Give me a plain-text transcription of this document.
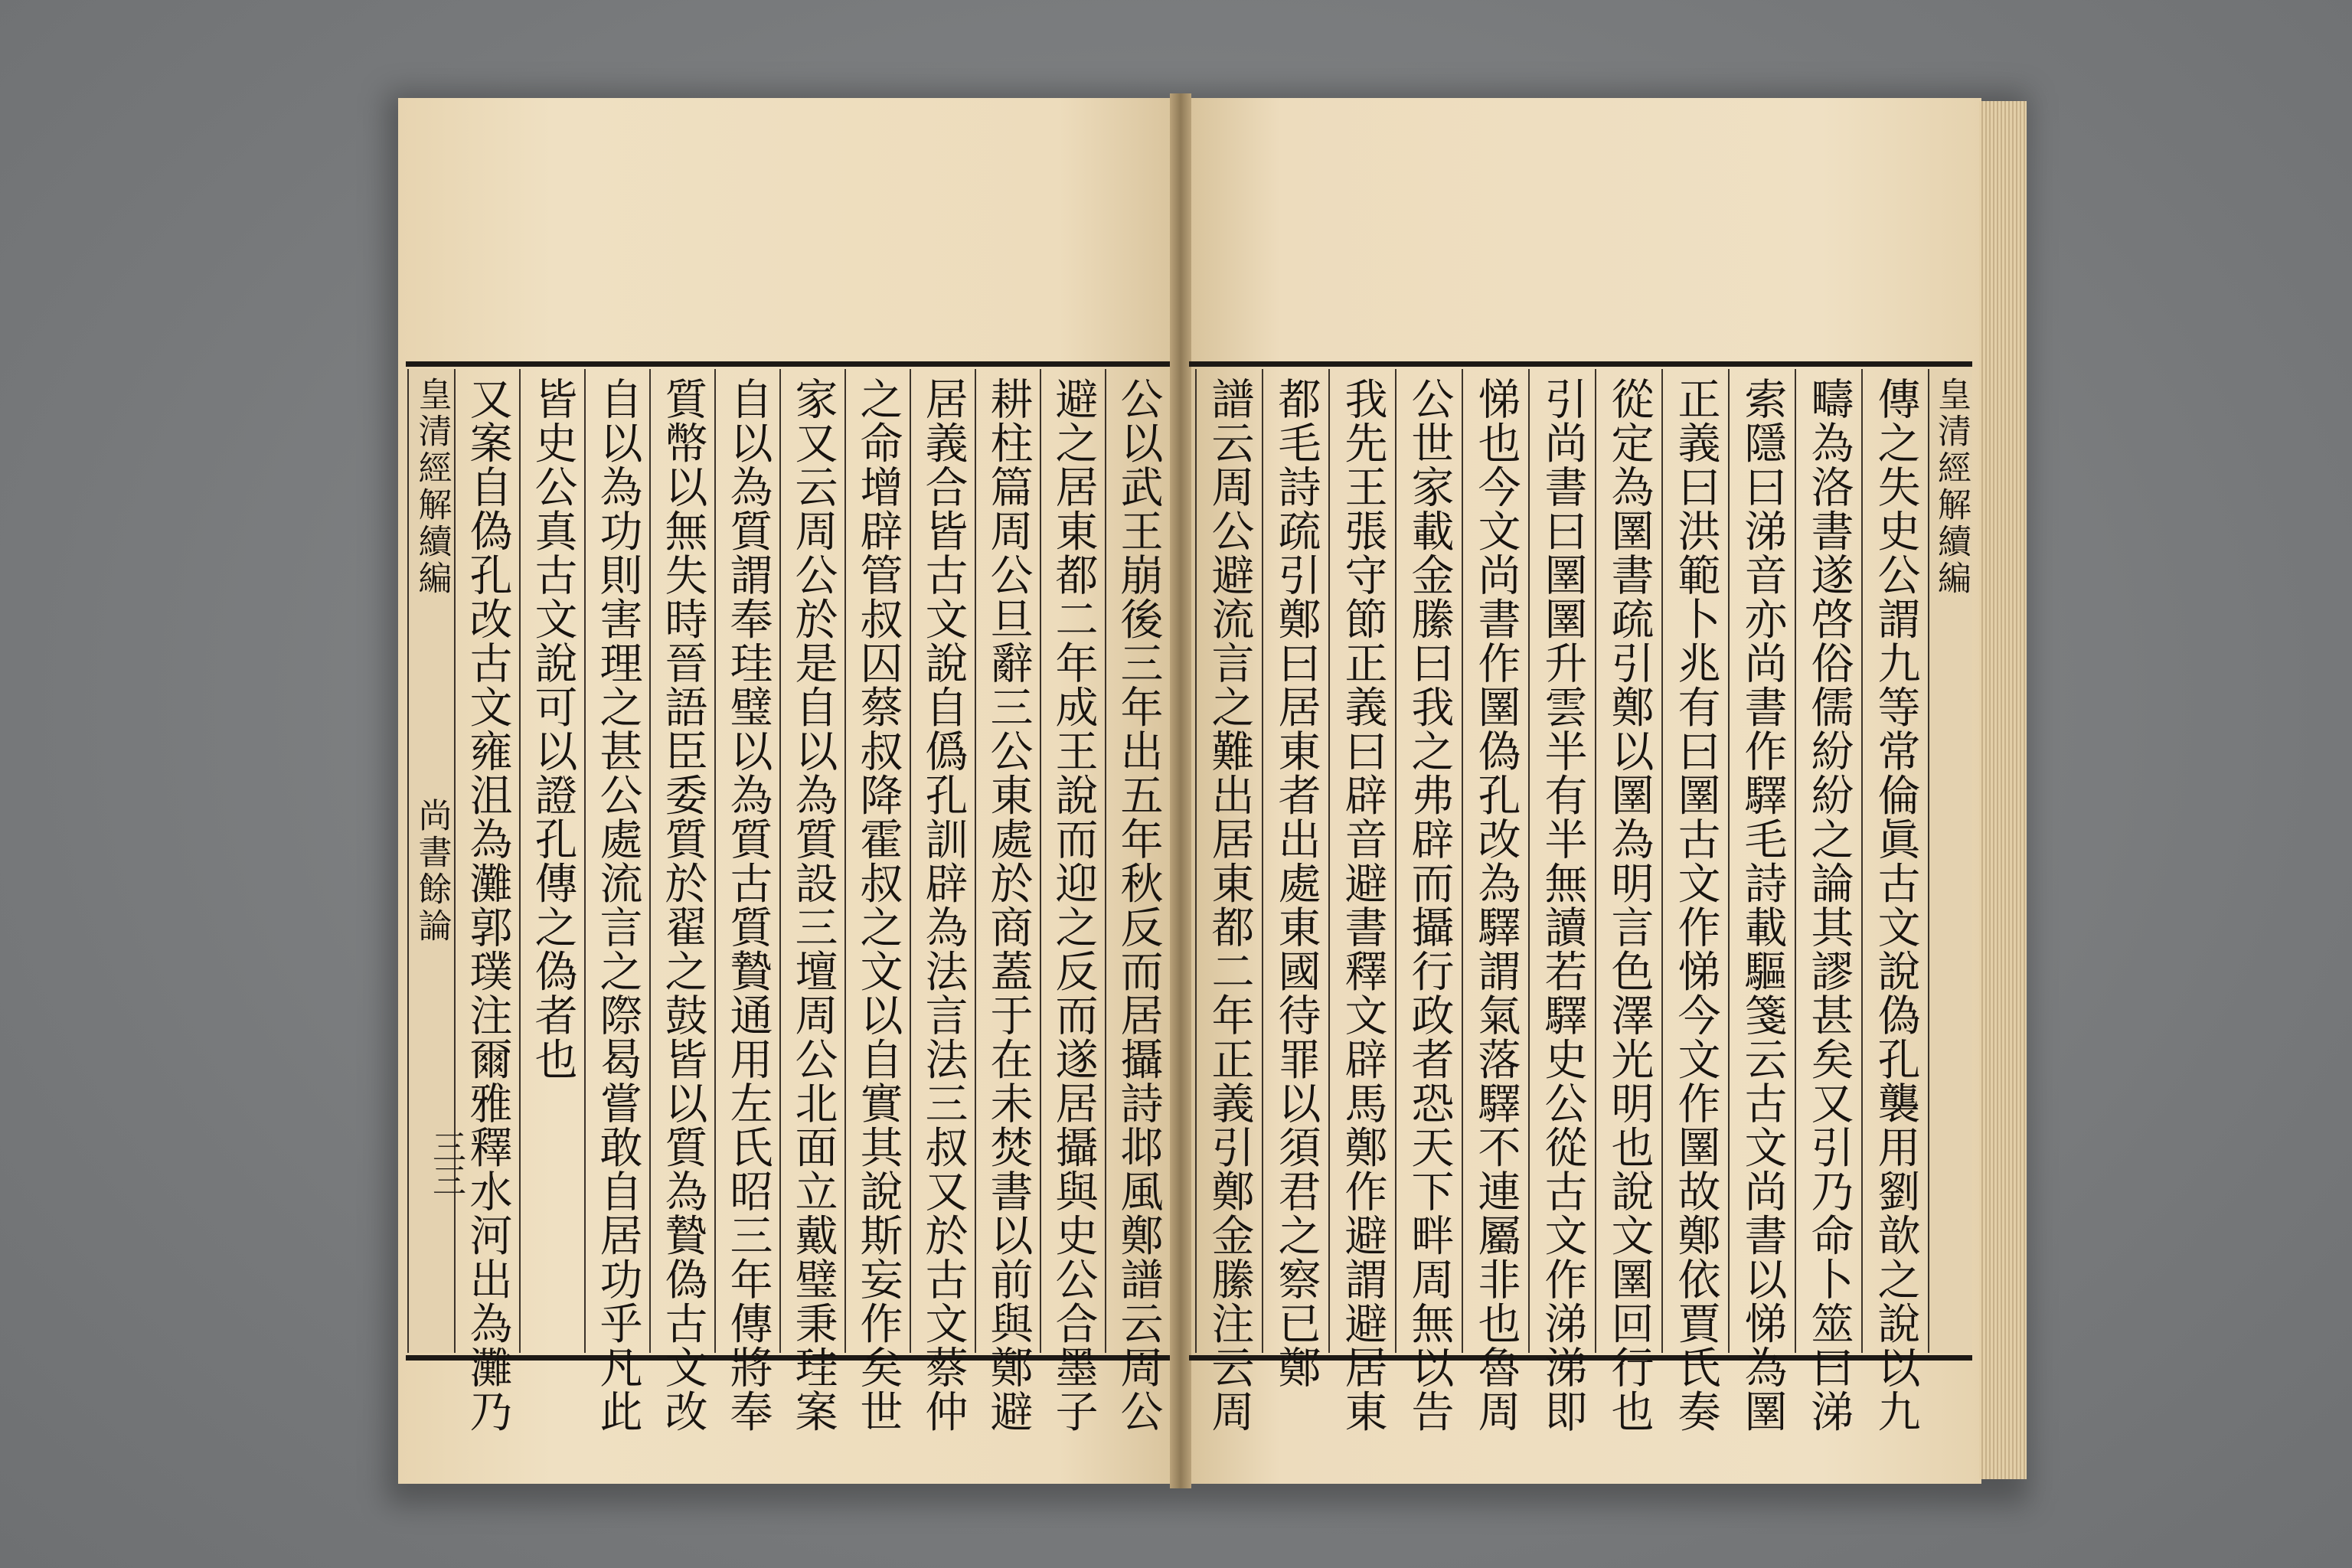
公以武王崩後三年出五年秋反而居攝詩邶風鄭譜云周公
避之居東都二年成王說而迎之反而遂居攝與史公合墨子
耕柱篇周公旦辭三公東處於商蓋于在未焚書以前與鄭避
居義合皆古文說自僞孔訓辟為法言法三叔又於古文蔡仲
之命增辟管叔囚蔡叔降霍叔之文以自實其說斯妄作矣世
家又云周公於是自以為質設三壇周公北面立戴璧秉珪案
自以為質謂奉珪璧以為質古質贄通用左氏昭三年傳將奉
質幣以無失時晉語臣委質於翟之鼓皆以質為贄偽古文改
自以為功則害理之甚公處流言之際曷嘗敢自居功乎凡此
皆史公真古文說可以證孔傳之偽者也
又案自偽孔改古文雍沮為灘郭璞注爾雅釋水河出為灘乃
皇清經解續編
尚書餘論
三三
皇清經解續編
傳之失史公謂九等常倫眞古文說偽孔襲用劉歆之說以九
疇為洛書遂啓俗儒紛紛之論其謬甚矣又引乃命卜筮曰涕
索隱曰涕音亦尚書作驛毛詩載驅箋云古文尚書以悌為圛
正義曰洪範卜兆有曰圛古文作悌今文作圛故鄭依賈氏奏
從定為圛書疏引鄭以圛為明言色澤光明也說文圛回行也
引尚書曰圛圛升雲半有半無讀若驛史公從古文作涕涕即
悌也今文尚書作圛偽孔改為驛謂氣落驛不連屬非也魯周
公世家載金縢曰我之弗辟而攝行政者恐天下畔周無以告
我先王張守節正義曰辟音避書釋文辟馬鄭作避謂避居東
都毛詩疏引鄭曰居東者出處東國待罪以須君之察已鄭
譜云周公避流言之難出居東都二年正義引鄭金縢注云周
